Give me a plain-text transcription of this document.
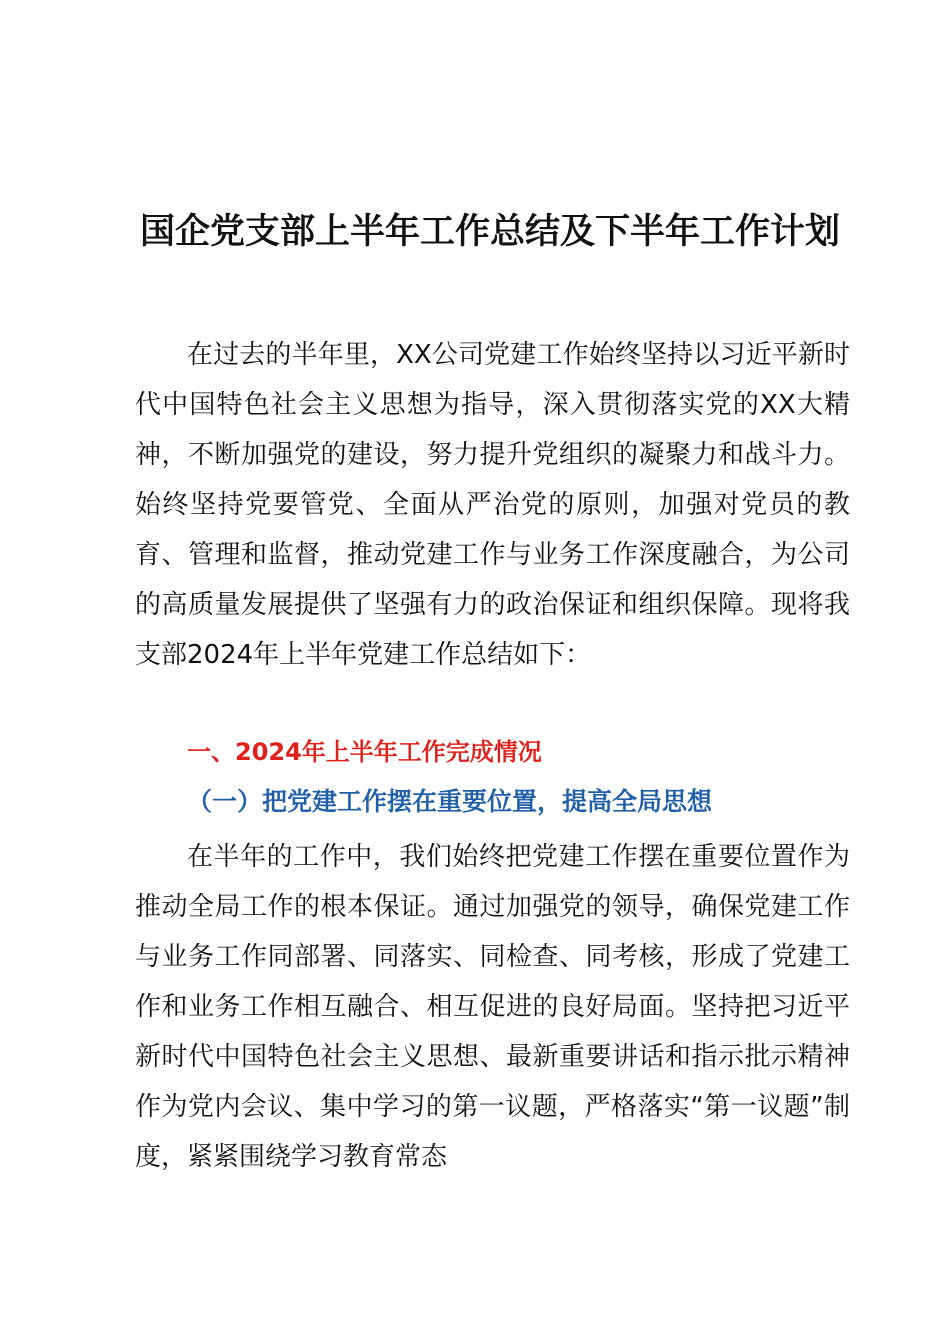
国企党支部上半年工作总结及下半年工作计划

在过去的半年里，XX公司党建工作始终坚持以习近平新时代中国特色社会主义思想为指导，深入贯彻落实党的XX大精神，不断加强党的建设，努力提升党组织的凝聚力和战斗力。始终坚持党要管党、全面从严治党的原则，加强对党员的教育、管理和监督，推动党建工作与业务工作深度融合，为公司的高质量发展提供了坚强有力的政治保证和组织保障。现将我支部2024年上半年党建工作总结如下：

一、2024年上半年工作完成情况
（一）把党建工作摆在重要位置，提高全局思想

在半年的工作中，我们始终把党建工作摆在重要位置作为推动全局工作的根本保证。通过加强党的领导，确保党建工作与业务工作同部署、同落实、同检查、同考核，形成了党建工作和业务工作相互融合、相互促进的良好局面。坚持把习近平新时代中国特色社会主义思想、最新重要讲话和指示批示精神作为党内会议、集中学习的第一议题，严格落实“第一议题”制度，紧紧围绕学习教育常态
